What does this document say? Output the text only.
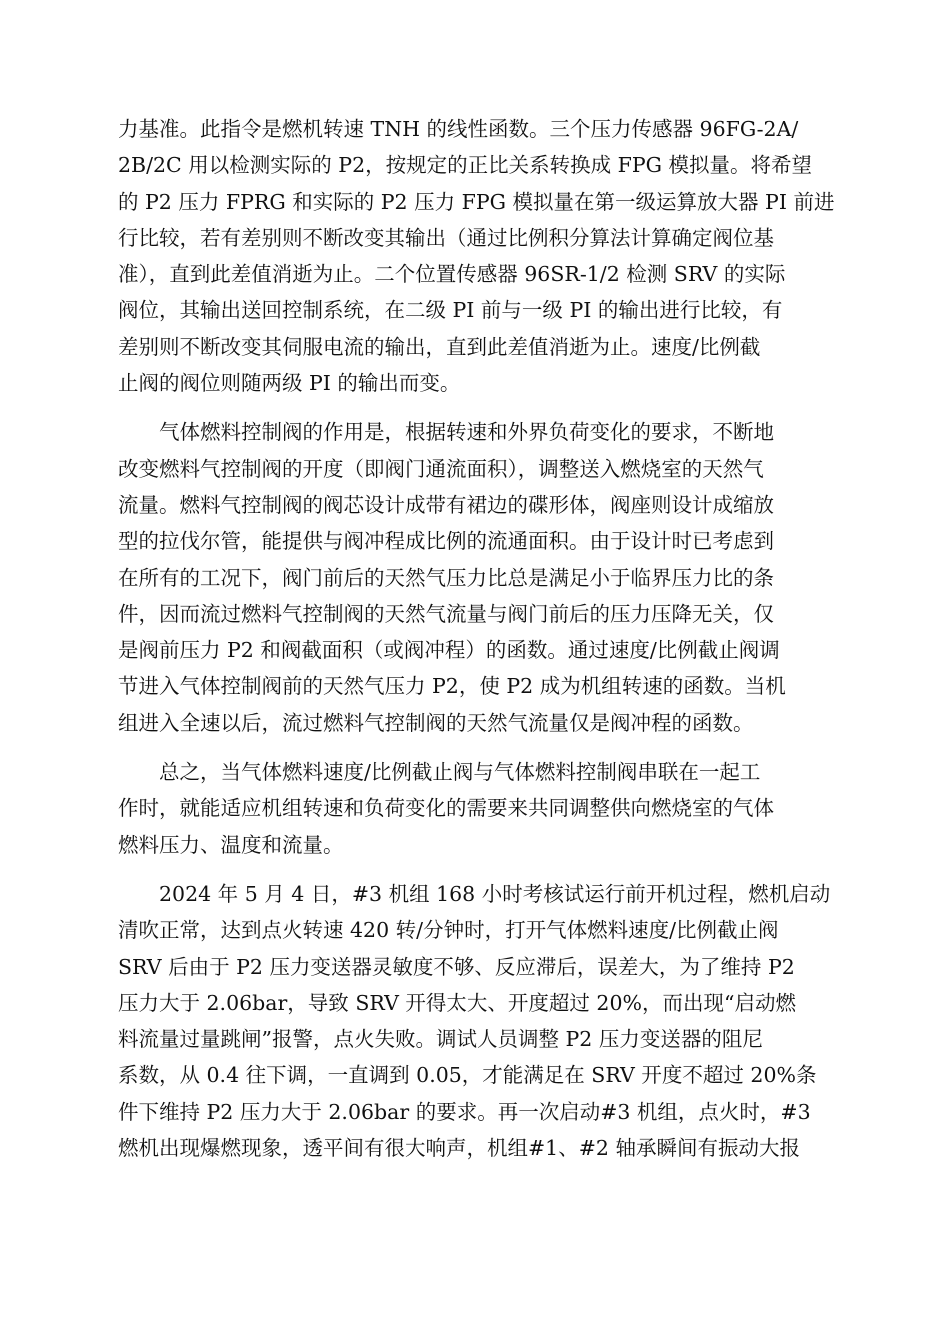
力基准。此指令是燃机转速 TNH 的线性函数。三个压力传感器 96FG-2A/
2B/2C 用以检测实际的 P2，按规定的正比关系转换成 FPG 模拟量。将希望
的 P2 压力 FPRG 和实际的 P2 压力 FPG 模拟量在第一级运算放大器 PI 前进
行比较，若有差别则不断改变其输出（通过比例积分算法计算确定阀位基
准），直到此差值消逝为止。二个位置传感器 96SR-1/2 检测 SRV 的实际
阀位，其输出送回控制系统，在二级 PI 前与一级 PI 的输出进行比较，有
差别则不断改变其伺服电流的输出，直到此差值消逝为止。速度/比例截
止阀的阀位则随两级 PI 的输出而变。

气体燃料控制阀的作用是，根据转速和外界负荷变化的要求，不断地
改变燃料气控制阀的开度（即阀门通流面积），调整送入燃烧室的天然气
流量。燃料气控制阀的阀芯设计成带有裙边的碟形体，阀座则设计成缩放
型的拉伐尔管，能提供与阀冲程成比例的流通面积。由于设计时已考虑到
在所有的工况下，阀门前后的天然气压力比总是满足小于临界压力比的条
件，因而流过燃料气控制阀的天然气流量与阀门前后的压力压降无关，仅
是阀前压力 P2 和阀截面积（或阀冲程）的函数。通过速度/比例截止阀调
节进入气体控制阀前的天然气压力 P2，使 P2 成为机组转速的函数。当机
组进入全速以后，流过燃料气控制阀的天然气流量仅是阀冲程的函数。

总之，当气体燃料速度/比例截止阀与气体燃料控制阀串联在一起工
作时，就能适应机组转速和负荷变化的需要来共同调整供向燃烧室的气体
燃料压力、温度和流量。

2024 年 5 月 4 日，#3 机组 168 小时考核试运行前开机过程，燃机启动
清吹正常，达到点火转速 420 转/分钟时，打开气体燃料速度/比例截止阀
SRV 后由于 P2 压力变送器灵敏度不够、反应滞后，误差大，为了维持 P2
压力大于 2.06bar，导致 SRV 开得太大、开度超过 20%，而出现“启动燃
料流量过量跳闸”报警，点火失败。调试人员调整 P2 压力变送器的阻尼
系数，从 0.4 往下调，一直调到 0.05，才能满足在 SRV 开度不超过 20%条
件下维持 P2 压力大于 2.06bar 的要求。再一次启动#3 机组，点火时，#3
燃机出现爆燃现象，透平间有很大响声，机组#1、#2 轴承瞬间有振动大报
